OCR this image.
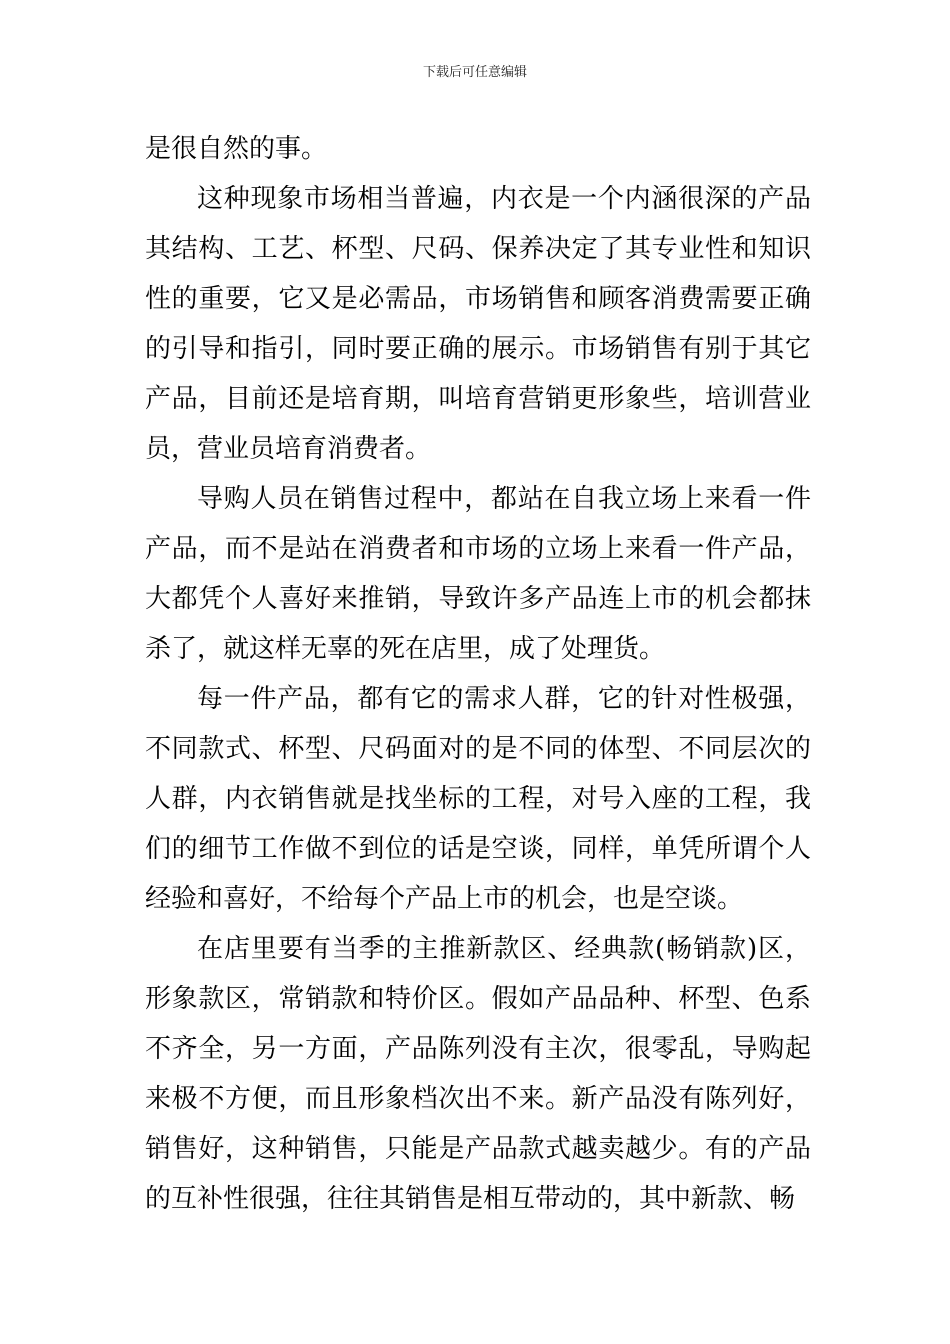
下载后可任意编辑

是很自然的事。

这种现象市场相当普遍，内衣是一个内涵很深的产品其结构、工艺、杯型、尺码、保养决定了其专业性和知识性的重要，它又是必需品，市场销售和顾客消费需要正确的引导和指引，同时要正确的展示。市场销售有别于其它产品，目前还是培育期，叫培育营销更形象些，培训营业员，营业员培育消费者。

导购人员在销售过程中，都站在自我立场上来看一件产品，而不是站在消费者和市场的立场上来看一件产品，大都凭个人喜好来推销，导致许多产品连上市的机会都抹杀了，就这样无辜的死在店里，成了处理货。

每一件产品，都有它的需求人群，它的针对性极强，不同款式、杯型、尺码面对的是不同的体型、不同层次的人群，内衣销售就是找坐标的工程，对号入座的工程，我们的细节工作做不到位的话是空谈，同样，单凭所谓个人经验和喜好，不给每个产品上市的机会，也是空谈。

在店里要有当季的主推新款区、经典款(畅销款)区，形象款区，常销款和特价区。假如产品品种、杯型、色系不齐全，另一方面，产品陈列没有主次，很零乱，导购起来极不方便，而且形象档次出不来。新产品没有陈列好，销售好，这种销售，只能是产品款式越卖越少。有的产品的互补性很强，往往其销售是相互带动的，其中新款、畅
